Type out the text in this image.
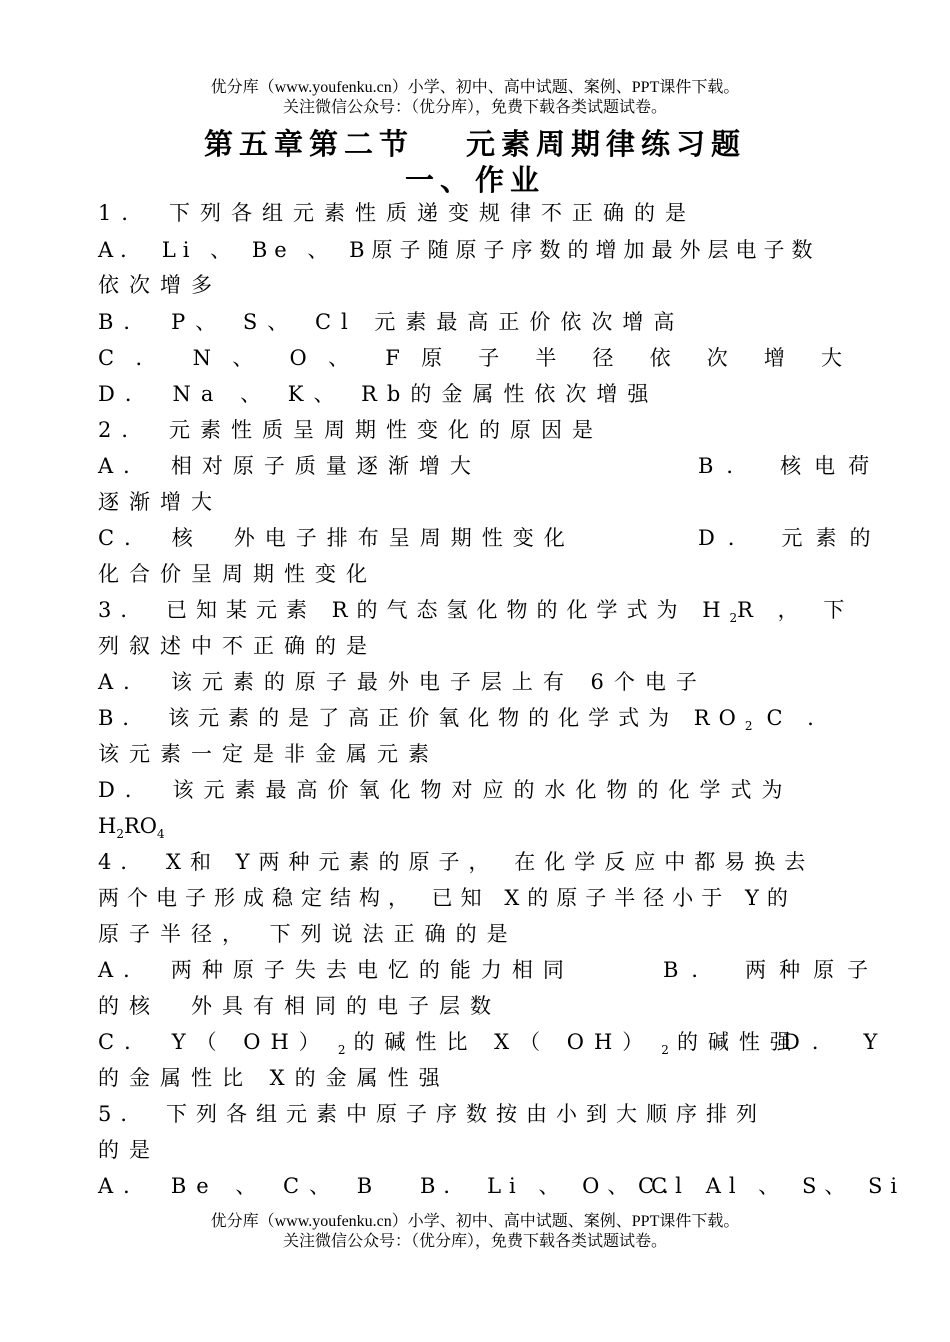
优分库（www.youfenku.cn）小学、初中、高中试题、案例、PPT课件下载。
关注微信公众号：（优分库），免费下载各类试题试卷。
第五章第二节 元素周期律练习题
一、作业
1． 下列各组元素性质递变规律不正确的是
A． Li 、 Be 、 B原子随原子序数的增加最外层电子数
依次增多
B． P、 S、 Cl 元素最高正价依次增高
C ． N 、 O 、 F 原 子 半 径 依 次 增 大
D． Na 、 K、 Rb的金属性依次增强
2． 元素性质呈周期性变化的原因是
A． 相对原子质量逐渐增大	B． 核电荷
逐渐增大
C． 核　外电子排布呈周期性变化	D． 元素的
化合价呈周期性变化
3． 已知某元素 R的气态氢化物的化学式为 $H_2R$ ， 下
列叙述中不正确的是
A． 该元素的原子最外电子层上有 6个电子
B． 该元素的是了高正价氧化物的化学式为 $RO_2$ C ．
该元素一定是非金属元素
D． 该元素最高价氧化物对应的水化物的化学式为
$H_2RO_4$
4． X和 Y两种元素的原子， 在化学反应中都易换去
两个电子形成稳定结构， 已知 X的原子半径小于 Y的
原子半径， 下列说法正确的是
A． 两种原子失去电忆的能力相同	B． 两种原子
的核　外具有相同的电子层数
C． Y（ OH） $_2$ 的碱性比 X（ OH） $_2$ 的碱性强
D． Y
的金属性比 X的金属性强
5． 下列各组元素中原子序数按由小到大顺序排列
的是
A． Be 、 C、 B B． Li 、 O、 Cl
C． Al 、 S、 Si
优分库（www.youfenku.cn）小学、初中、高中试题、案例、PPT课件下载。
关注微信公众号：（优分库），免费下载各类试题试卷。
